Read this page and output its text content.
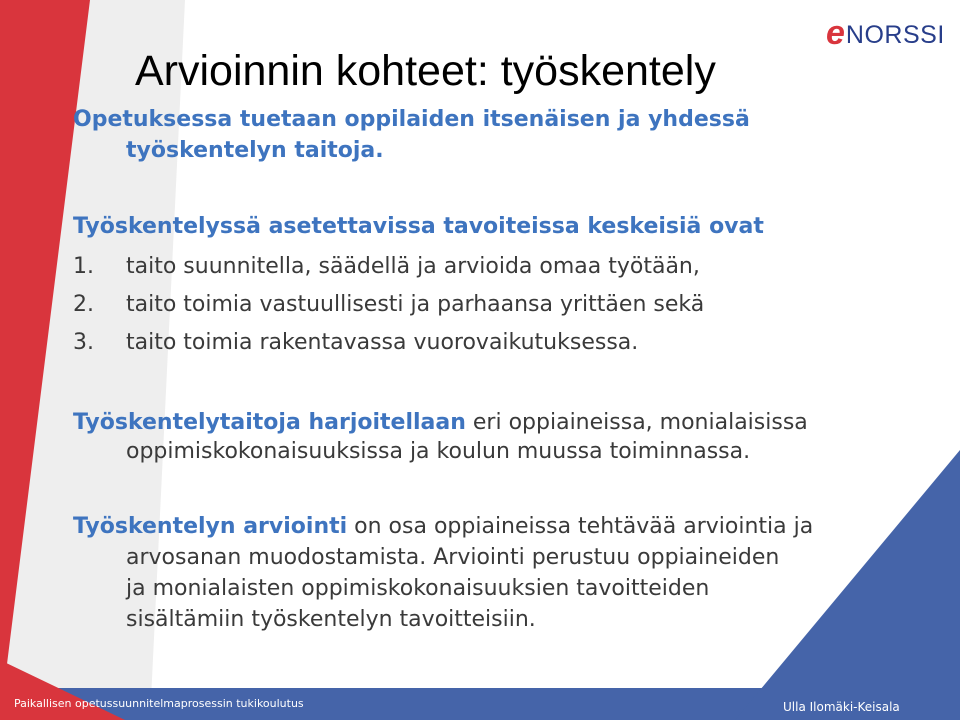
e NORSSI
Arvioinnin kohteet: työskentely
Opetuksessa tuetaan oppilaiden itsenäisen ja yhdessä
työskentelyn taitoja.
Työskentelyssä asetettavissa tavoiteissa keskeisiä ovat
1. taito suunnitella, säädellä ja arvioida omaa työtään,
2. taito toimia vastuullisesti ja parhaansa yrittäen sekä
3. taito toimia rakentavassa vuorovaikutuksessa.
Työskentelytaitoja harjoitellaan eri oppiaineissa, monialaisissa
oppimiskokonaisuuksissa ja koulun muussa toiminnassa.
Työskentelyn arviointi on osa oppiaineissa tehtävää arviointia ja
arvosanan muodostamista. Arviointi perustuu oppiaineiden
ja monialaisten oppimiskokonaisuuksien tavoitteiden
sisältämiin työskentelyn tavoitteisiin.
Paikallisen opetussuunnitelmaprosessin tukikoulutus	Ulla Ilomäki-Keisala
